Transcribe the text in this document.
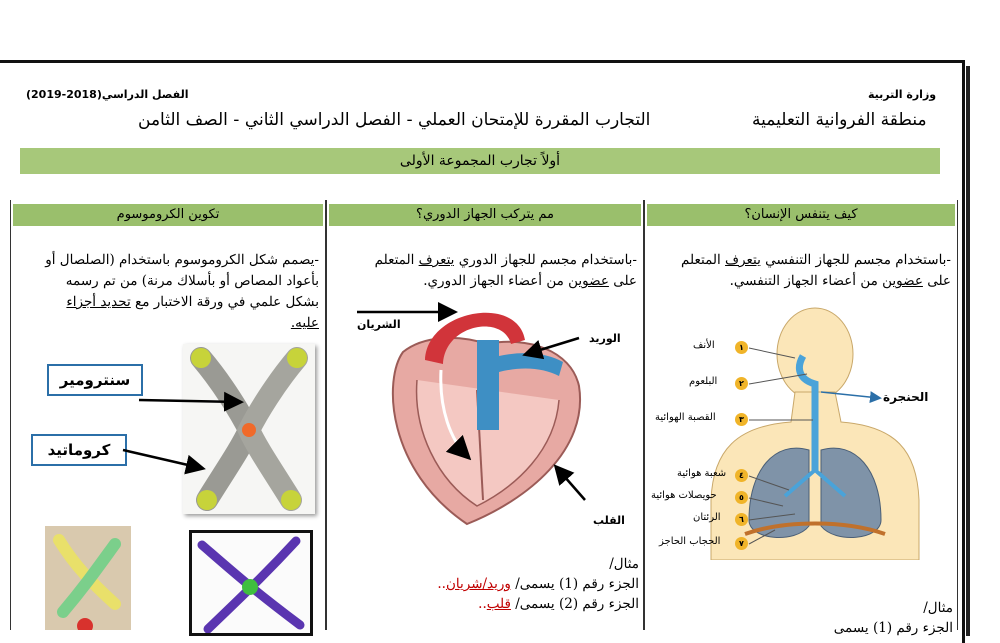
وزارة التربية
منطقة الفروانية التعليمية
(2019-2018)الفصل الدراسي
التجارب المقررة للإمتحان العملي - الفصل الدراسي الثاني - الصف الثامن
أولاً تجارب المجموعة الأولى
تكوين الكروموسوم
-يصمم شكل الكروموسوم باستخدام (الصلصال أو
بأعواد المصاص أو بأسلاك مرنة) من تم رسمه
بشكل علمي في ورقة الاختبار مع تحديد أجزاء
عليه.
سنترومير
كروماتيد
مم يتركب الجهاز الدوري؟
-باستخدام مجسم للجهاز الدوري يتعرف المتعلم
على عضوين من أعضاء الجهاز الدوري.
الشريان
الوريد
القلب
مثال/
الجزء رقم (1) يسمى/ وريد/شريان..
الجزء رقم (2) يسمى/ قلب..
كيف يتنفس الإنسان؟
-باستخدام مجسم للجهاز التنفسي يتعرف المتعلم
على عضوين من أعضاء الجهاز التنفسي.
١
الأنف
٢
البلعوم
٣
القصبة الهوائية
٤
شعبة هوائية
٥
حويصلات هوائية
٦
الرئتان
٧
الحجاب الحاجز
الحنجرة
مثال/
الجزء رقم (1) يسمى
